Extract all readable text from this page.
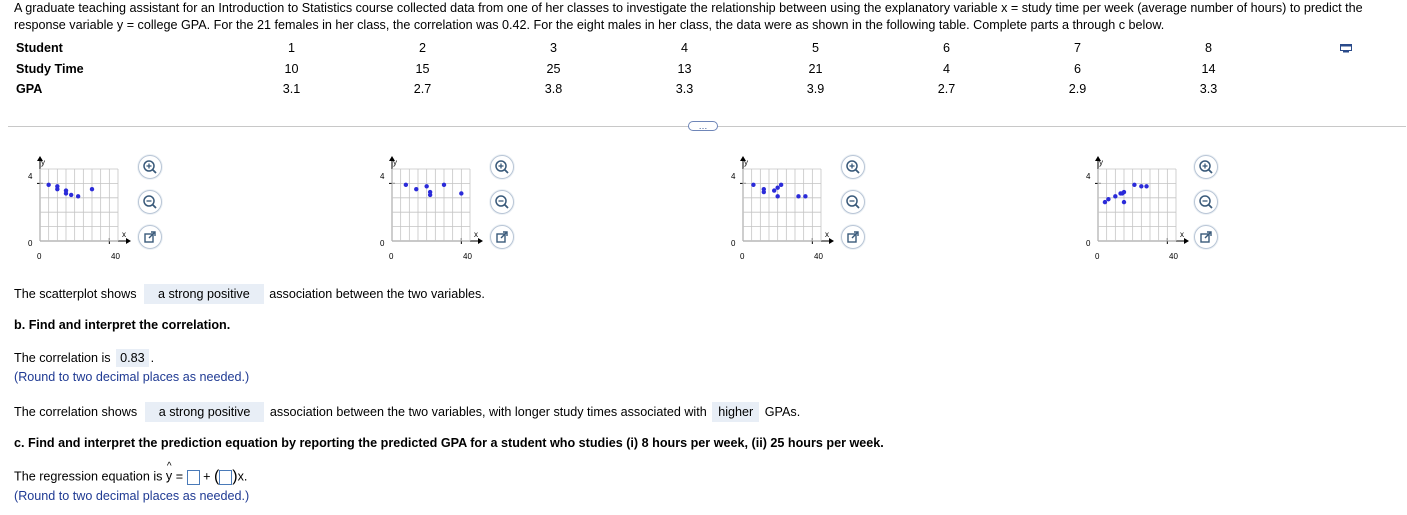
A graduate teaching assistant for an Introduction to Statistics course collected data from one of her classes to investigate the relationship between using the explanatory variable x = study time per week (average number of hours) to predict the response variable y = college GPA. For the 21 females in her class, the correlation was 0.42. For the eight males in her class, the data were as shown in the following table. Complete parts a through c below.
Student	1	2	3	4	5	6	7	8
Study Time	10	15	25	13	21	4	6	14
GPA	3.1	2.7	3.8	3.3	3.9	2.7	2.9	3.3
…
y
x
4
0
0	40
y
x
4
0
0	40
y
x
4
0
0	40
y
x
4
0
0	40
The scatterplot shows a strong positive association between the two variables.
b. Find and interpret the correlation.
The correlation is 0.83 .
(Round to two decimal places as needed.)
The correlation shows a strong positive association between the two variables, with longer study times associated with higher GPAs.
c. Find and interpret the prediction equation by reporting the predicted GPA for a student who studies (i) 8 hours per week, (ii) 25 hours per week.
The regression equation is
^
y = + ( )x.
(Round to two decimal places as needed.)
